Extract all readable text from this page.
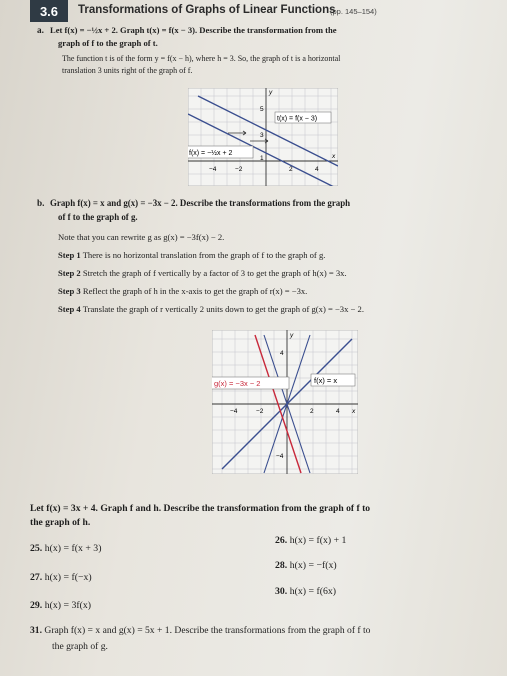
3.6	Transformations of Graphs of Linear Functions
(pp. 145–154)
a. Let f(x) = −½x + 2. Graph t(x) = f(x − 3). Describe the transformation from the
graph of f to the graph of t.
The function t is of the form y = f(x − h), where h = 3. So, the graph of t is a horizontal
translation 3 units right of the graph of f.
t(x) = f(x − 3)
f(x) = −½x + 2
y
x
−4	−2	2	4
5
3
1
b. Graph f(x) = x and g(x) = −3x − 2. Describe the transformations from the graph
of f to the graph of g.
Note that you can rewrite g as g(x) = −3f(x) − 2.
Step 1 There is no horizontal translation from the graph of f to the graph of g.
Step 2 Stretch the graph of f vertically by a factor of 3 to get the graph of h(x) = 3x.
Step 3 Reflect the graph of h in the x-axis to get the graph of r(x) = −3x.
Step 4 Translate the graph of r vertically 2 units down to get the graph of g(x) = −3x − 2.
g(x) = −3x − 2	f(x) = x
y
x
−4	−2	2	4
4
−4
Let f(x) = 3x + 4. Graph f and h. Describe the transformation from the graph of f to
the graph of h.
25. h(x) = f(x + 3)
26. h(x) = f(x) + 1
27. h(x) = f(−x)
28. h(x) = −f(x)
29. h(x) = 3f(x)
30. h(x) = f(6x)
31. Graph f(x) = x and g(x) = 5x + 1. Describe the transformations from the graph of f to
the graph of g.
